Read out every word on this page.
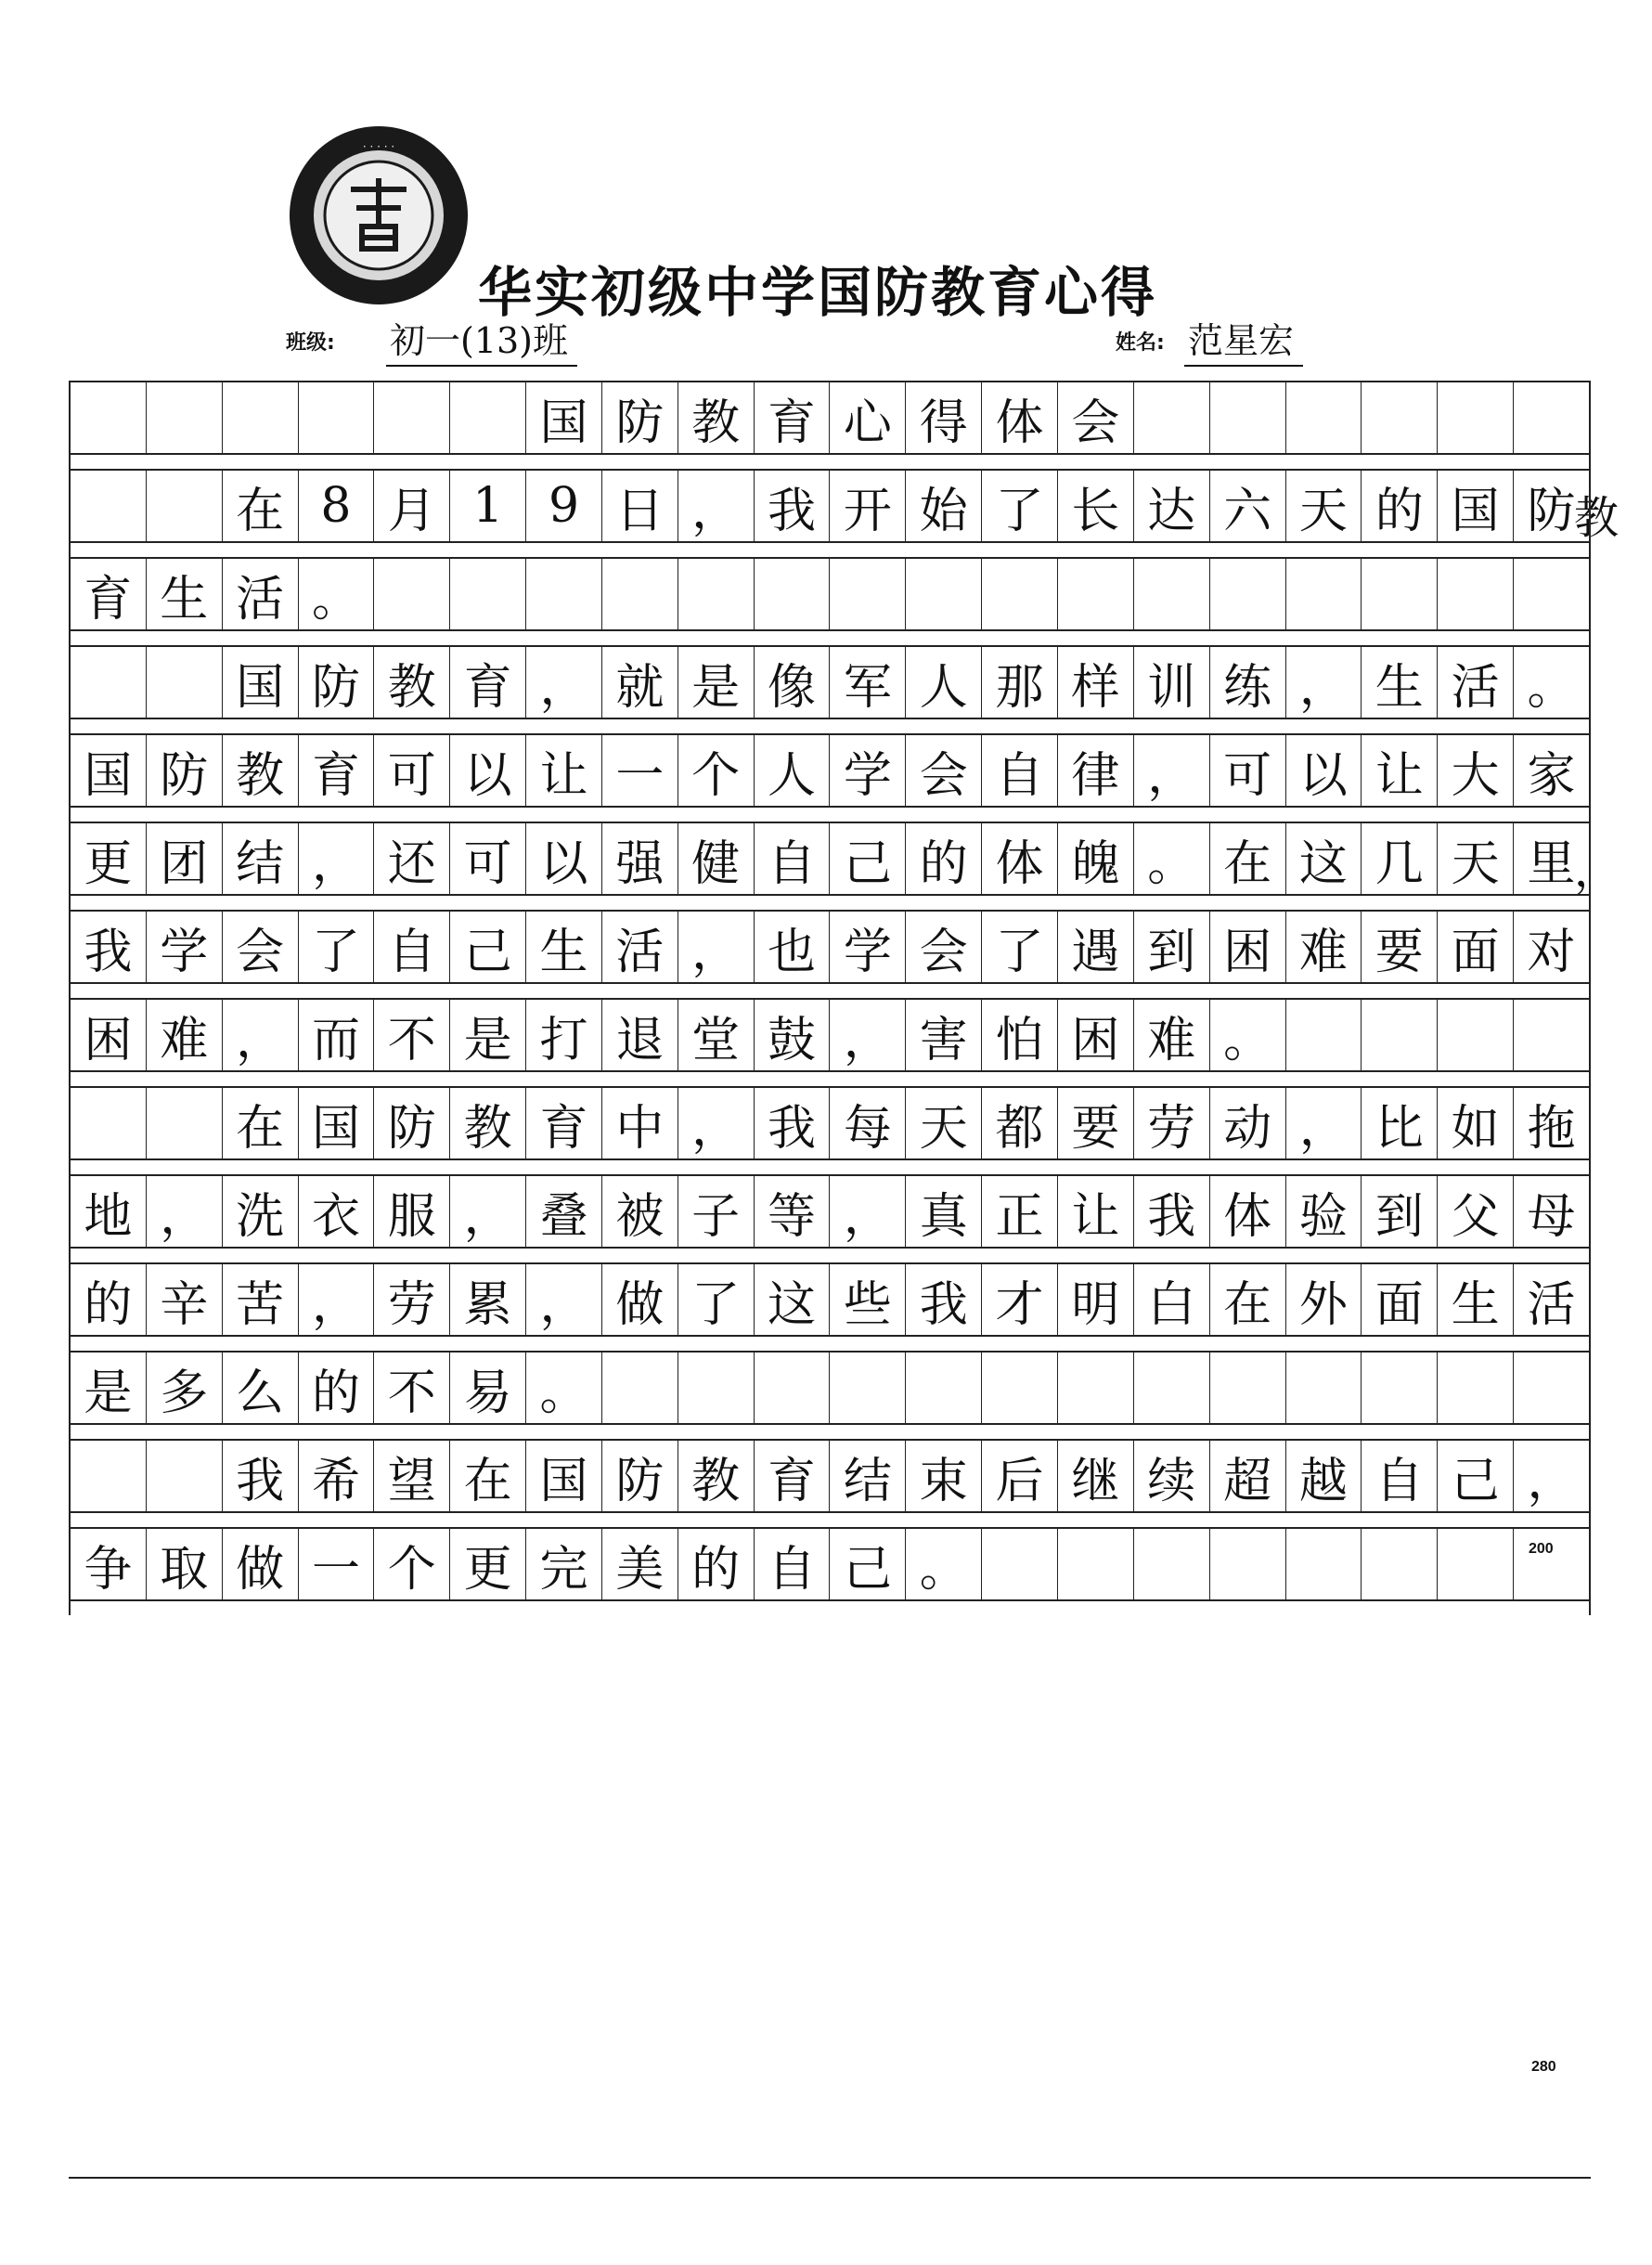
· · · · ·
华实初级中学国防教育心得
班级: 初一(13)班	姓名: 范星宏
国 防 教 育 心 得 体 会
教
在 8 月 1 9 日 ， 我 开 始 了 长 达 六 天 的 国 防
育 生 活 。
国 防 教 育 ， 就 是 像 军 人 那 样 训 练 ， 生 活 。
国 防 教 育 可 以 让 一 个 人 学 会 自 律 ， 可 以 让 大 家
，
更 团 结 ， 还 可 以 强 健 自 己 的 体 魄 。 在 这 几 天 里
我 学 会 了 自 己 生 活 ， 也 学 会 了 遇 到 困 难 要 面 对
困 难 ， 而 不 是 打 退 堂 鼓 ， 害 怕 困 难 。
在 国 防 教 育 中 ， 我 每 天 都 要 劳 动 ， 比 如 拖
地 ， 洗 衣 服 ， 叠 被 子 等 ， 真 正 让 我 体 验 到 父 母
的 辛 苦 ， 劳 累 ， 做 了 这 些 我 才 明 白 在 外 面 生 活
是 多 么 的 不 易 。
我 希 望 在 国 防 教 育 结 束 后 继 续 超 越 自 己 ，
争 取 做 一 个 更 完 美 的 自 己 。	200
280
